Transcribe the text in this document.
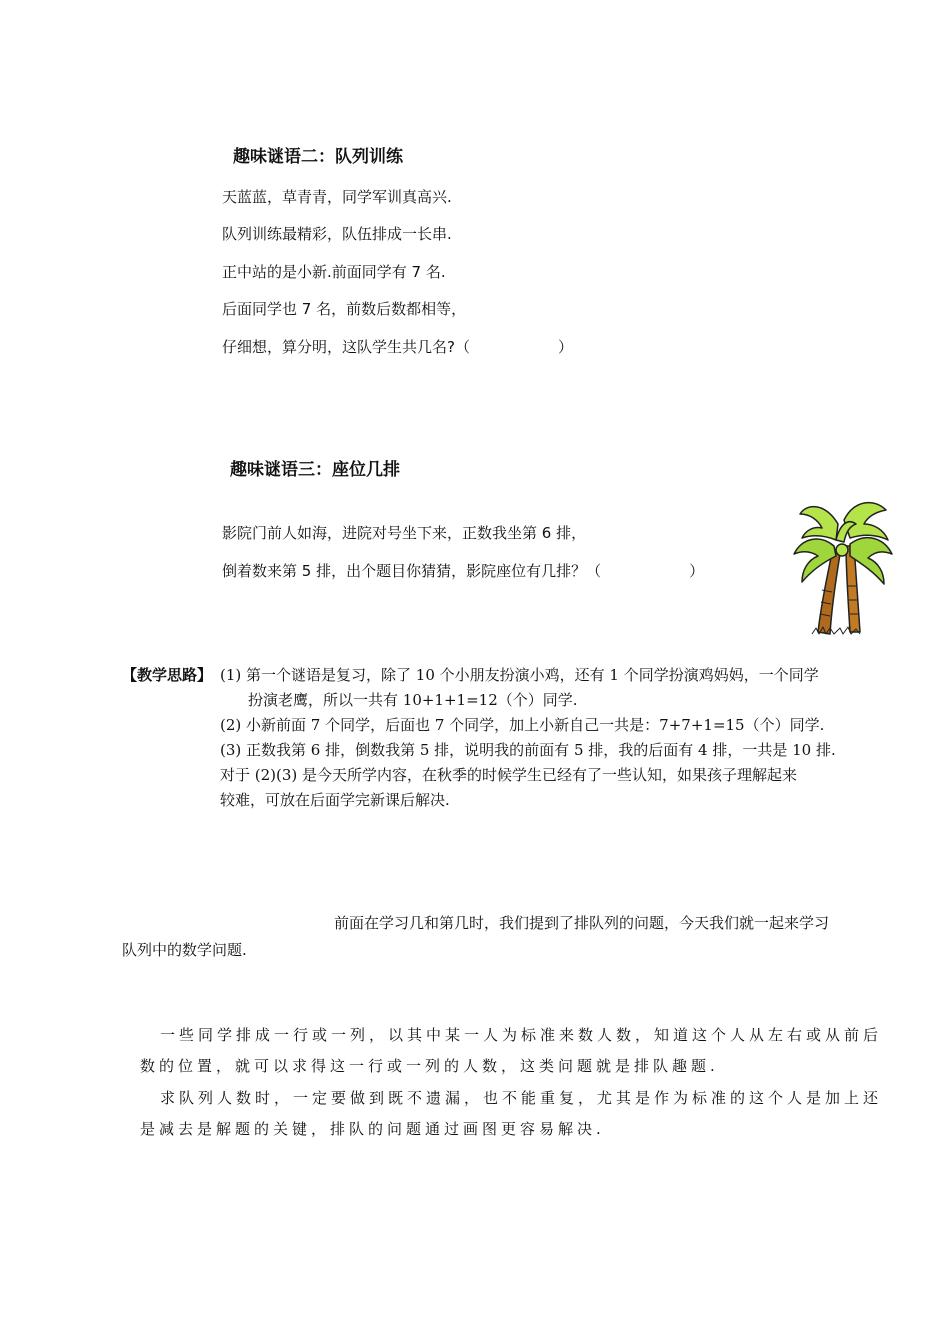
趣味谜语二：队列训练
天蓝蓝，草青青，同学军训真高兴.
队列训练最精彩，队伍排成一长串.
正中站的是小新.前面同学有 7 名.
后面同学也 7 名，前数后数都相等，
仔细想，算分明，这队学生共几名?（	）
趣味谜语三：座位几排
影院门前人如海，进院对号坐下来，正数我坐第 6 排，
倒着数来第 5 排，出个题目你猜猜，影院座位有几排？（	）
【教学思路】 (1) 第一个谜语是复习，除了 10 个小朋友扮演小鸡，还有 1 个同学扮演鸡妈妈，一个同学
扮演老鹰，所以一共有 10+1+1=12（个）同学.
(2) 小新前面 7 个同学，后面也 7 个同学，加上小新自己一共是：7+7+1=15（个）同学.
(3) 正数我第 6 排，倒数我第 5 排，说明我的前面有 5 排，我的后面有 4 排，一共是 10 排.
对于 (2)(3) 是今天所学内容，在秋季的时候学生已经有了一些认知，如果孩子理解起来
较难，可放在后面学完新课后解决.
前面在学习几和第几时，我们提到了排队列的问题，今天我们就一起来学习
队列中的数学问题.
一些同学排成一行或一列，以其中某一人为标准来数人数，知道这个人从左右或从前后
数的位置，就可以求得这一行或一列的人数，这类问题就是排队趣题.
求队列人数时，一定要做到既不遗漏，也不能重复，尤其是作为标准的这个人是加上还
是减去是解题的关键，排队的问题通过画图更容易解决.
